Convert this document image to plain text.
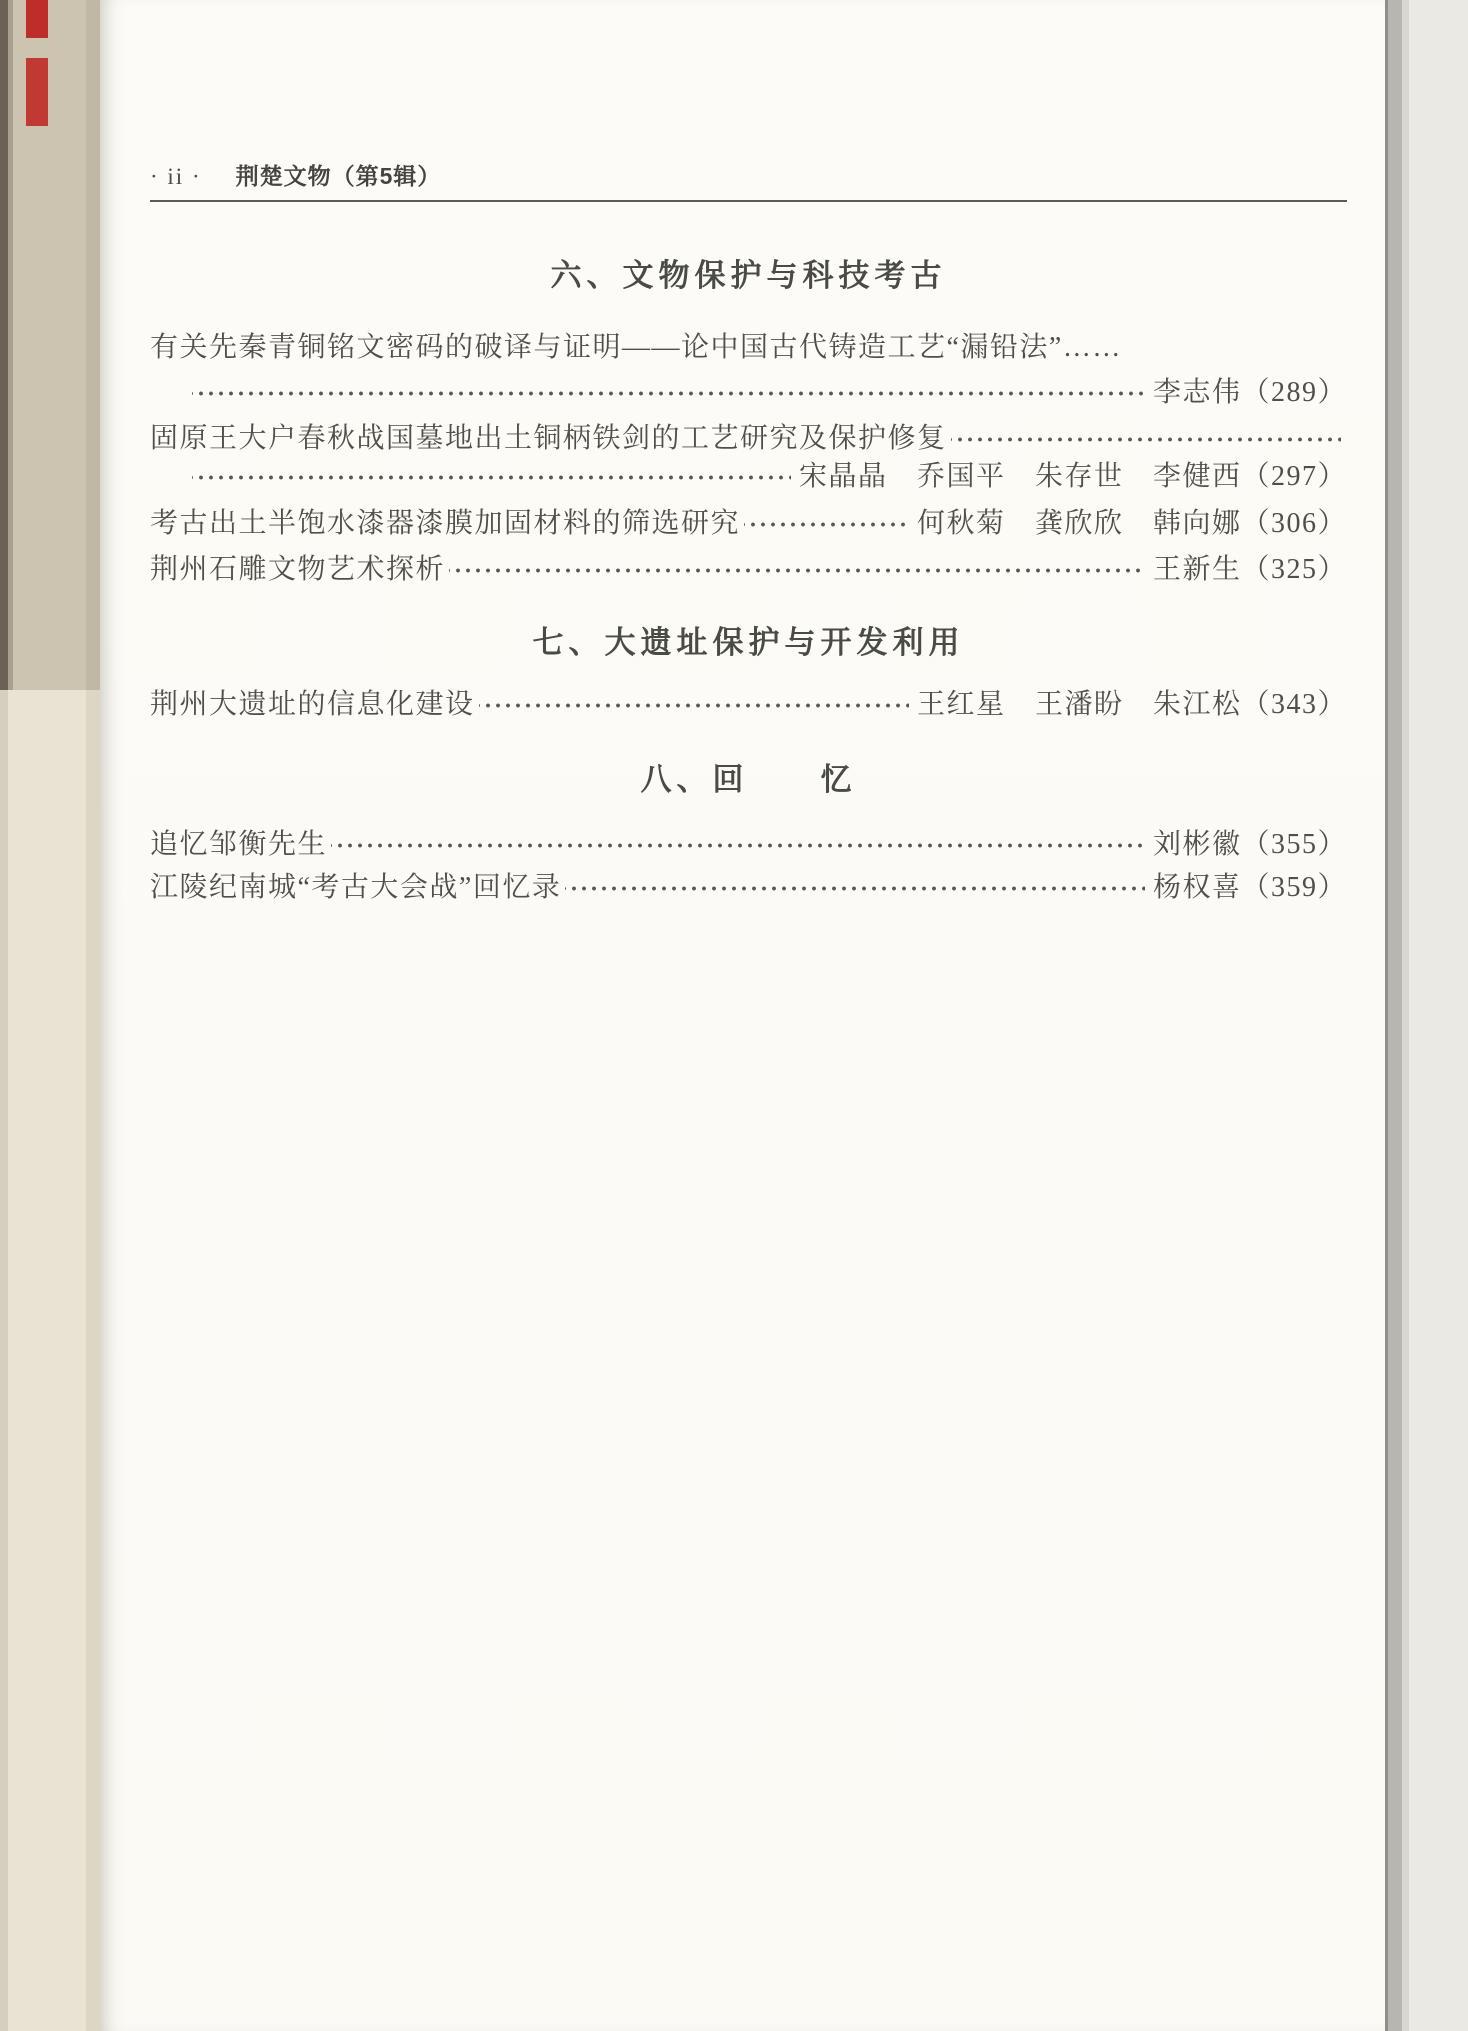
· ii · 荆楚文物（第5辑）
六、文物保护与科技考古
有关先秦青铜铭文密码的破译与证明——论中国古代铸造工艺“漏铅法”……
李志伟 （289）
固原王大户春秋战国墓地出土铜柄铁剑的工艺研究及保护修复
宋晶晶　乔国平　朱存世　李健西 （297）
考古出土半饱水漆器漆膜加固材料的筛选研究	何秋菊　龚欣欣　韩向娜 （306）
荆州石雕文物艺术探析	王新生 （325）
七、大遗址保护与开发利用
荆州大遗址的信息化建设	王红星　王潘盼　朱江松 （343）
八、回　　忆
追忆邹衡先生	刘彬徽 （355）
江陵纪南城“考古大会战”回忆录	杨权喜 （359）
